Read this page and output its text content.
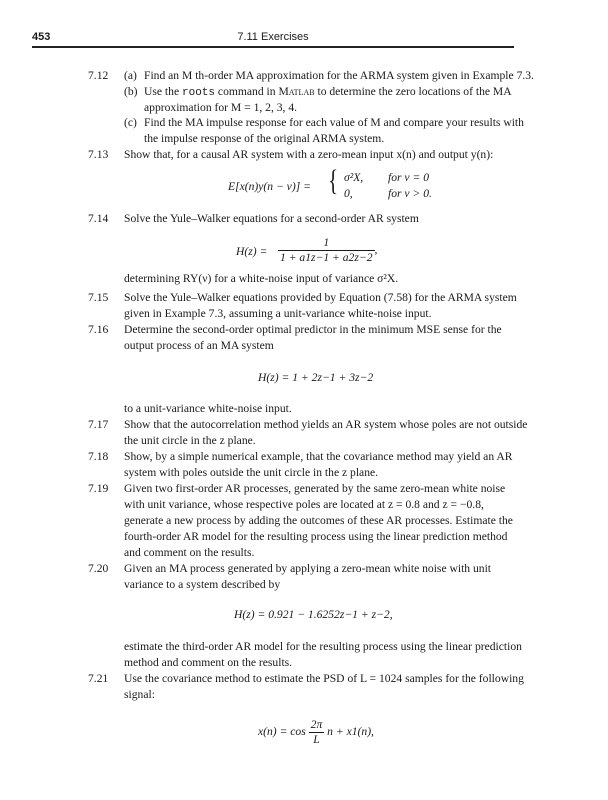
453	7.11 Exercises
7.12 (a) Find an M th-order MA approximation for the ARMA system given in Example 7.3.
(b) Use the roots command in Matlab to determine the zero locations of the MA
approximation for M = 1, 2, 3, 4.
(c) Find the MA impulse response for each value of M and compare your results with
the impulse response of the original ARMA system.
7.13 Show that, for a causal AR system with a zero-mean input x(n) and output y(n):
E[x(n)y(n − ν)] = { σ²X, for ν = 0
0,	for ν > 0.
7.14 Solve the Yule–Walker equations for a second-order AR system
$H(z) = \frac{1}{1 + a1z-1 + a2z-2}$ ,
determining RY(ν) for a white-noise input of variance σ²X.
7.15 Solve the Yule–Walker equations provided by Equation (7.58) for the ARMA system
given in Example 7.3, assuming a unit-variance white-noise input.
7.16 Determine the second-order optimal predictor in the minimum MSE sense for the
output process of an MA system
H(z) = 1 + 2z−1 + 3z−2
to a unit-variance white-noise input.
7.17 Show that the autocorrelation method yields an AR system whose poles are not outside
the unit circle in the z plane.
7.18 Show, by a simple numerical example, that the covariance method may yield an AR
system with poles outside the unit circle in the z plane.
7.19 Given two first-order AR processes, generated by the same zero-mean white noise
with unit variance, whose respective poles are located at z = 0.8 and z = −0.8,
generate a new process by adding the outcomes of these AR processes. Estimate the
fourth-order AR model for the resulting process using the linear prediction method
and comment on the results.
7.20 Given an MA process generated by applying a zero-mean white noise with unit
variance to a system described by
H(z) = 0.921 − 1.6252z−1 + z−2,
estimate the third-order AR model for the resulting process using the linear prediction
method and comment on the results.
7.21 Use the covariance method to estimate the PSD of L = 1024 samples for the following
signal:
$x(n) = \cos \frac{2\pi}{L}$ n + x1(n),
